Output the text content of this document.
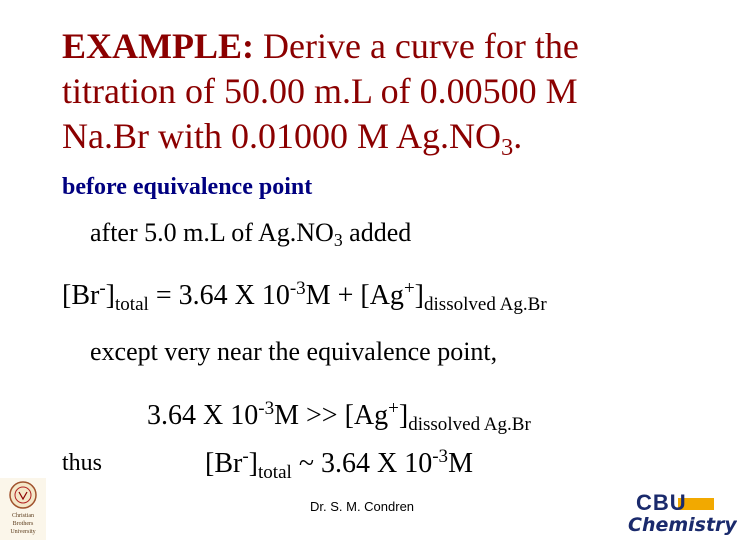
EXAMPLE: Derive a curve for the
titration of 50.00 m.L of 0.00500 M
Na.Br with 0.01000 M $Ag.NO_3$.
before equivalence point
after 5.0 m.L of $Ag.NO_3$ added
$[Br^-]_{total} = 3.64$ X $10^{-3}M + [Ag^+]_{dissolved Ag.Br}$
except very near the equivalence point,
3.64 X $10^{-3}M >> [Ag^+]_{dissolved Ag.Br}$
thus	$[Br^-]_{total}$ ~ 3.64 X $10^{-3}M$
Dr. S. M. Condren
Christian
Brothers
University
CBU
Chemistry
